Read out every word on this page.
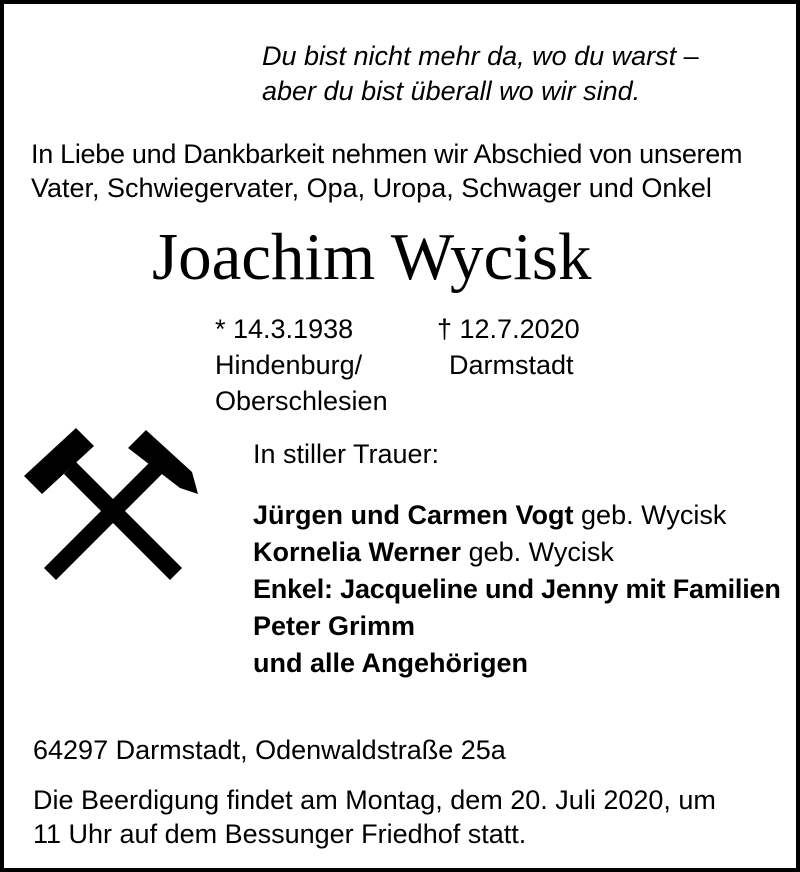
Du bist nicht mehr da, wo du warst –
aber du bist überall wo wir sind.
In Liebe und Dankbarkeit nehmen wir Abschied von unserem
Vater, Schwiegervater, Opa, Uropa, Schwager und Onkel
Joachim Wycisk
* 14.3.1938	† 12.7.2020
Hindenburg/	Darmstadt
Oberschlesien
In stiller Trauer:
Jürgen und Carmen Vogt geb. Wycisk
Kornelia Werner geb. Wycisk
Enkel: Jacqueline und Jenny mit Familien
Peter Grimm
und alle Angehörigen
64297 Darmstadt, Odenwaldstraße 25a
Die Beerdigung findet am Montag, dem 20. Juli 2020, um
11 Uhr auf dem Bessunger Friedhof statt.
